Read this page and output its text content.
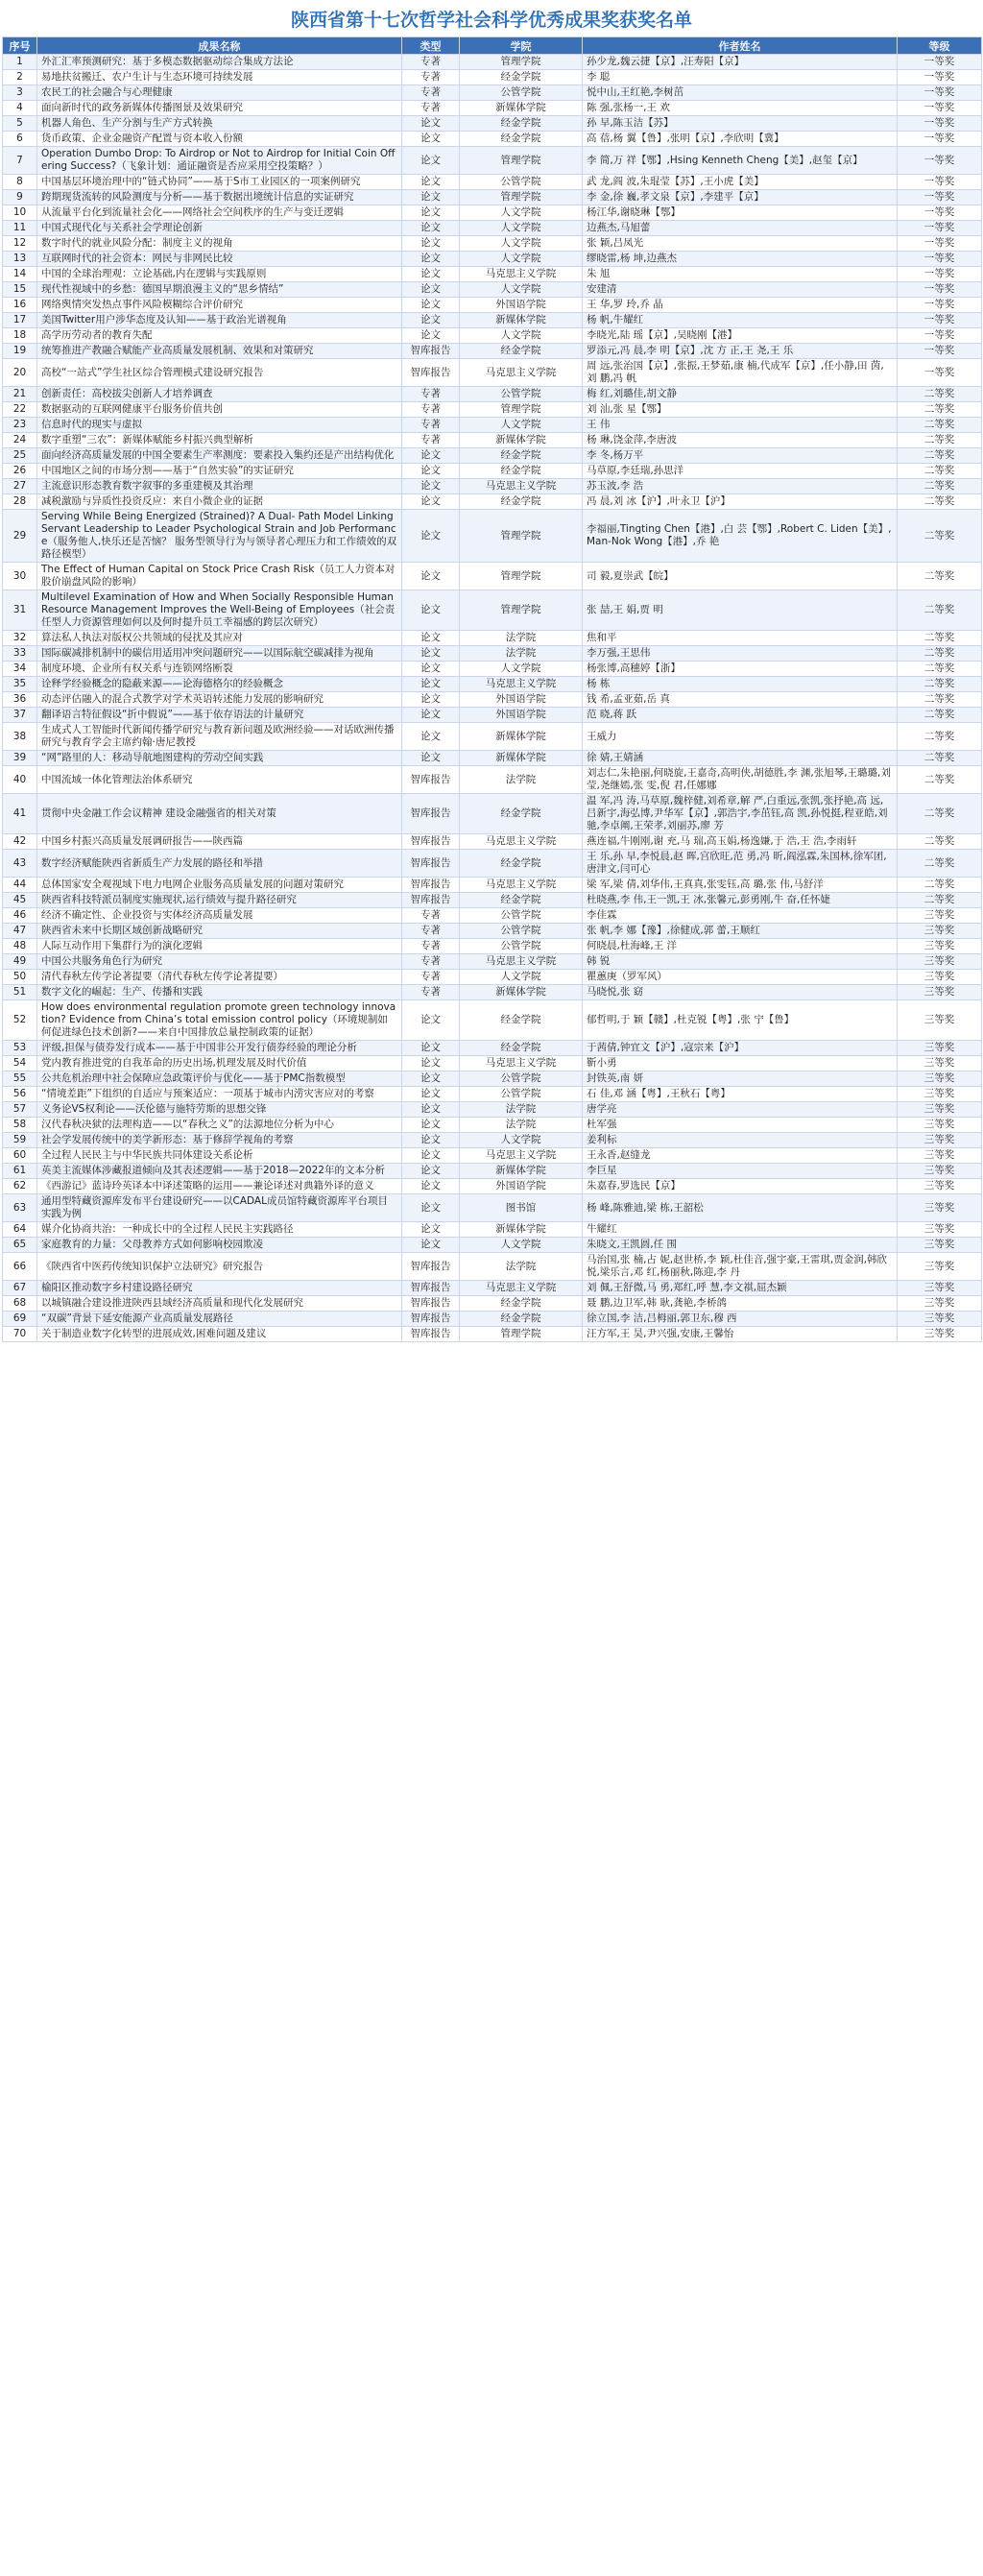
陕西省第十七次哲学社会科学优秀成果奖获奖名单
序号	成果名称	类型	学院	作者姓名	等级
1	外汇汇率预测研究：基于多模态数据驱动综合集成方法论	专著	管理学院	孙少龙,魏云捷【京】,汪寿阳【京】	一等奖
2	易地扶贫搬迁、农户生计与生态环境可持续发展	专著	经金学院	李 聪	一等奖
3	农民工的社会融合与心理健康	专著	公管学院	悦中山,王红艳,李树茁	一等奖
4	面向新时代的政务新媒体传播图景及效果研究	专著	新媒体学院	陈 强,张杨一,王 欢	一等奖
5	机器人角色、生产分割与生产方式转换	论文	经金学院	孙 早,陈玉洁【苏】	一等奖
6	货币政策、企业金融资产配置与资本收入份额	论文	经金学院	高 蓓,杨 翼【鲁】,张明【京】,李欣明【冀】	一等奖
7	Operation Dumbo Drop: To Airdrop or Not to Airdrop for Initial Coin Offering Success?（飞象计划：通证融资是否应采用空投策略？）	论文	管理学院	李 简,万 祥【鄂】,Hsing Kenneth Cheng【美】,赵玺【京】	一等奖
8	中国基层环境治理中的“链式协同”——基于S市工业园区的一项案例研究	论文	公管学院	武 龙,阎 波,朱琨莹【苏】,王小虎【美】	一等奖
9	跨期现货流转的风险测度与分析——基于数据出境统计信息的实证研究	论文	管理学院	李 金,徐 巍,孝文泉【京】,李建平【京】	一等奖
10	从流量平台化到流量社会化——网络社会空间秩序的生产与变迁逻辑	论文	人文学院	杨江华,谢晓琳【鄂】	一等奖
11	中国式现代化与关系社会学理论创新	论文	人文学院	边燕杰,马旭蕾	一等奖
12	数字时代的就业风险分配：制度主义的视角	论文	人文学院	张 颖,吕凤光	一等奖
13	互联网时代的社会资本：网民与非网民比较	论文	人文学院	缪晓雷,杨 坤,边燕杰	一等奖
14	中国的全球治理观：立论基础,内在逻辑与实践原则	论文	马克思主义学院	朱 旭	一等奖
15	现代性视域中的乡愁：德国早期浪漫主义的“思乡情结”	论文	人文学院	安建清	一等奖
16	网络舆情突发热点事件风险模糊综合评价研究	论文	外国语学院	王 华,罗 玲,乔 晶	一等奖
17	美国Twitter用户涉华态度及认知——基于政治光谱视角	论文	新媒体学院	杨 帆,牛耀红	一等奖
18	高学历劳动者的教育失配	论文	人文学院	李晓光,陆 瑶【京】,吴晓刚【港】	一等奖
19	统筹推进产教融合赋能产业高质量发展机制、效果和对策研究	智库报告	经金学院	罗添元,冯 晨,李 明【京】,沈 方 正,王 尧,王 乐	一等奖
20	高校“一站式”学生社区综合管理模式建设研究报告	智库报告	马克思主义学院	周 远,张治国【京】,张振,王梦茹,康 楠,代成军【京】,任小静,田 茵,刘 鹏,冯 帆	一等奖
21	创新责任：高校拔尖创新人才培养调查	专著	公管学院	梅 红,刘璐佳,胡文静	二等奖
22	数据驱动的互联网健康平台服务价值共创	专著	管理学院	刘 汕,张 星【鄂】	二等奖
23	信息时代的现实与虚拟	专著	人文学院	王 伟	二等奖
24	数字重塑“三农”：新媒体赋能乡村振兴典型解析	专著	新媒体学院	杨 琳,饶金萍,李唐波	二等奖
25	面向经济高质量发展的中国全要素生产率测度：要素投入集约还是产出结构优化	论文	经金学院	李 冬,杨万平	二等奖
26	中国地区之间的市场分割——基于“自然实验”的实证研究	论文	经金学院	马草原,李廷瑞,孙思洋	二等奖
27	主流意识形态教育数字叙事的多重建模及其治理	论文	马克思主义学院	苏玉波,李 浩	二等奖
28	减税激励与异质性投资反应：来自小微企业的证据	论文	经金学院	冯 晨,刘 冰【沪】,叶永卫【沪】	二等奖
29	Serving While Being Energized (Strained)? A Dual- Path Model Linking Servant Leadership to Leader Psychological Strain and Job Performance（服务他人,快乐还是苦恼？ 服务型领导行为与领导者心理压力和工作绩效的双路径模型）	论文	管理学院	李福丽,Tingting Chen【港】,白 芸【鄂】,Robert C. Liden【美】,Man-Nok Wong【港】,乔 艳	二等奖
30	The Effect of Human Capital on Stock Price Crash Risk（员工人力资本对股价崩盘风险的影响）	论文	管理学院	司 毅,夏崇武【皖】	二等奖
31	Multilevel Examination of How and When Socially Responsible Human Resource Management Improves the Well-Being of Employees（社会责任型人力资源管理如何以及何时提升员工幸福感的跨层次研究）	论文	管理学院	张 喆,王 娟,贾 明	二等奖
32	算法私人执法对版权公共领域的侵扰及其应对	论文	法学院	焦和平	二等奖
33	国际碳减排机制中的碳信用适用冲突问题研究——以国际航空碳减排为视角	论文	法学院	李万强,王思伟	二等奖
34	制度环境、企业所有权关系与连锁网络断裂	论文	人文学院	杨张博,高穗婷【浙】	二等奖
35	诠释学经验概念的隐蔽来源——论海德格尔的经验概念	论文	马克思主义学院	杨 栋	二等奖
36	动态评估融入的混合式教学对学术英语转述能力发展的影响研究	论文	外国语学院	钱 希,孟亚茹,岳 真	二等奖
37	翻译语言特征假设“折中假说”——基于依存语法的计量研究	论文	外国语学院	范 晓,蒋 跃	二等奖
38	生成式人工智能时代新闻传播学研究与教育新问题及欧洲经验——对话欧洲传播研究与教育学会主席约翰·唐尼教授	论文	新媒体学院	王威力	二等奖
39	“网”路里的人：移动导航地图建构的劳动空间实践	论文	新媒体学院	徐 婧,王婧涵	二等奖
40	中国流域一体化管理法治体系研究	智库报告	法学院	刘志仁,朱艳丽,何晓旋,王嘉奇,高明侠,胡德胜,李 渊,张旭琴,王璐璐,刘 莹,尧继嫣,张 雯,倪 君,任娜娜	二等奖
41	贯彻中央金融工作会议精神 建设金融强省的相关对策	智库报告	经金学院	温 军,冯 涛,马草原,魏梓健,刘希章,解 严,白重远,张凯,张抒艳,高 远,吕新宇,海弘博,尹华军【京】,郭浩宇,李茁钰,高 凯,孙悦挺,程亚皓,刘 驰,李卓阐,王荣孝,刘丽苏,廖 芳	二等奖
42	中国乡村振兴高质量发展调研报告——陕西篇	智库报告	马克思主义学院	燕连福,牛刚刚,谢 充,马 瑞,高玉娟,杨逸嫌,于 浩,王 浩,李雨轩	二等奖
43	数字经济赋能陕西省新质生产力发展的路径和举措	智库报告	经金学院	王 乐,孙 早,李悦晨,赵 晖,宫欣旺,范 勇,冯 昕,阎泓霖,朱国林,徐军团,唐津文,闫可心	二等奖
44	总体国家安全观视域下电力电网企业服务高质量发展的问题对策研究	智库报告	马克思主义学院	梁 军,梁 倩,刘华伟,王真真,张雯钰,高 璐,张 伟,马舒洋	二等奖
45	陕西省科技特派员制度实施现状,运行绩效与提升路径研究	智库报告	经金学院	杜晓燕,李 伟,王一凯,王 冰,张馨元,彭勇刚,牛 奋,任怀婕	二等奖
46	经济不确定性、企业投资与实体经济高质量发展	专著	公管学院	李佳霖	三等奖
47	陕西省未来中长期区域创新战略研究	专著	公管学院	张 帆,李 娜【豫】,徐健成,郭 蕾,王顺红	三等奖
48	人际互动作用下集群行为的演化逻辑	专著	公管学院	何晓晨,杜海峰,王 洋	三等奖
49	中国公共服务角色行为研究	专著	马克思主义学院	韩 锐	三等奖
50	清代春秋左传学论著提要（清代春秋左传学论著提要）	专著	人文学院	瞿蕙庚（罗军风）	三等奖
51	数字文化的崛起：生产、传播和实践	专著	新媒体学院	马晓悦,张 窈	三等奖
52	How does environmental regulation promote green technology innovation? Evidence from China’s total emission control policy（环境规制如何促进绿色技术创新?——来自中国排放总量控制政策的证据）	论文	经金学院	郁哲明,于 颖【赣】,杜克锐【粤】,张 宁【鲁】	三等奖
53	评级,担保与债券发行成本——基于中国非公开发行债券经验的理论分析	论文	经金学院	于茜倩,钟宜文【沪】,寇宗来【沪】	三等奖
54	党内教育推进党的自我革命的历史出场,机理发展及时代价值	论文	马克思主义学院	靳小勇	三等奖
55	公共危机治理中社会保障应急政策评价与优化——基于PMC指数模型	论文	公管学院	封铁英,南 妍	三等奖
56	“情境差距”下组织的自适应与预案适应：一项基于城市内涝灾害应对的考察	论文	公管学院	石 佳,邓 涵【粤】,王秋石【粤】	三等奖
57	义务论VS权利论——沃伦德与施特劳斯的思想交锋	论文	法学院	唐学亮	三等奖
58	汉代春秋决狱的法理构造——以“春秋之义”的法源地位分析为中心	论文	法学院	杜军强	三等奖
59	社会学发展传统中的美学新形态：基于修辞学视角的考察	论文	人文学院	姜利标	三等奖
60	全过程人民民主与中华民族共同体建设关系论析	论文	马克思主义学院	王永香,赵缝龙	三等奖
61	英美主流媒体涉藏报道倾向及其表述逻辑——基于2018—2022年的文本分析	论文	新媒体学院	李巨星	三等奖
62	《西游记》蓝诗玲英译本中译述策略的运用——兼论译述对典籍外译的意义	论文	外国语学院	朱嘉春,罗选民【京】	三等奖
63	通用型特藏资源库发布平台建设研究——以CADAL成员馆特藏资源库平台项目实践为例	论文	图书馆	杨 峰,陈雅迪,梁 栋,王韶松	三等奖
64	媒介化协商共治：一种成长中的全过程人民民主实践路径	论文	新媒体学院	牛耀红	三等奖
65	家庭教育的力量：父母教养方式如何影响校园欺凌	论文	人文学院	朱晓文,王凯圆,任 围	三等奖
66	《陕西省中医药传统知识保护立法研究》研究报告	智库报告	法学院	马治国,张 楠,占 妮,赵世桥,李 颖,杜佳音,强宇豪,王雷琪,贾金润,韩欣悦,梁乐言,邓 红,杨丽秋,陈迎,李 丹	三等奖
67	榆阳区推动数字乡村建设路径研究	智库报告	马克思主义学院	刘 佩,王舒微,马 勇,郑红,呼 慧,李文祺,屈杰颖	三等奖
68	以城镇融合建设推进陕西县域经济高质量和现代化发展研究	智库报告	经金学院	聂 鹏,边卫军,韩 耿,龚艳,李桥鸽	三等奖
69	“双碳”背景下延安能源产业高质量发展路径	智库报告	经金学院	徐立国,李 洁,吕栂丽,郭卫东,穆 西	三等奖
70	关于制造业数字化转型的进展成效,困难问题及建议	智库报告	管理学院	汪方军,王 昊,尹兴强,安康,王馨怡	三等奖
